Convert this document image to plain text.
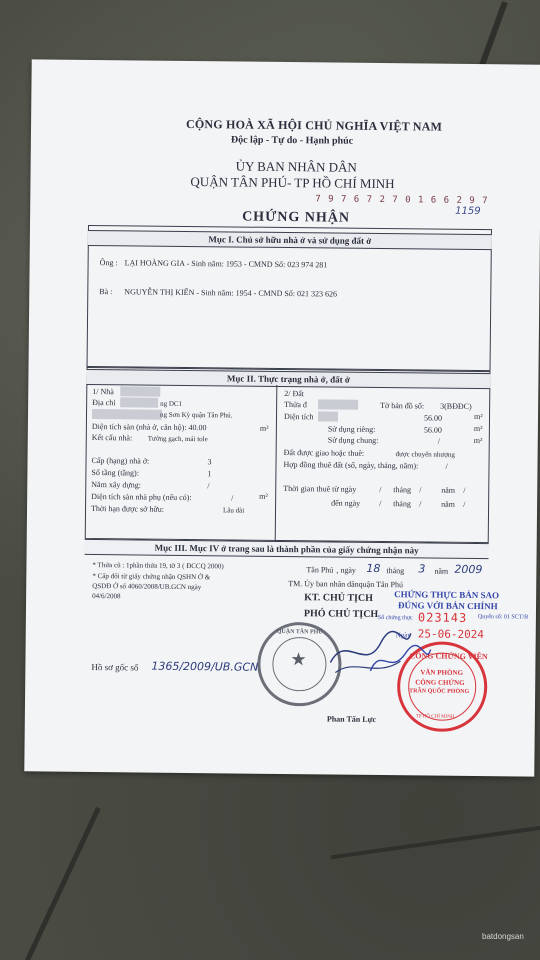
CỘNG HOÀ XÃ HỘI CHỦ NGHĨA VIỆT NAM
Độc lập - Tự do - Hạnh phúc
ỦY BAN NHÂN DÂN
QUẬN TÂN PHÚ- TP HỒ CHÍ MINH
7 9 7 6 7 2 7 0 1 6 6 2 9 7
1159
CHỨNG NHẬN
Mục I. Chủ sở hữu nhà ở và sử dụng đất ở
Ông : LẠI HOÀNG GIA - Sinh năm: 1953 - CMND Số: 023 974 281
Bà : NGUYỄN THỊ KIẾN - Sinh năm: 1954 - CMND Số: 021 323 626
Mục II. Thực trạng nhà ở, đất ở
1/ Nhà
Địa chỉ	ng DC1
ng Sơn Kỳ quận Tân Phú.
Diện tích sàn (nhà ở, căn hộ): 40.00	m²
Kết cấu nhà: Tường gạch, mái tole
Cấp (hạng) nhà ở:	3
Số tầng (tầng):	1
Năm xây dựng:	/
Diện tích sàn nhà phụ (nếu có):	/	m²
Thời hạn được sở hữu:	Lâu dài
2/ Đất
Thửa đ	Tờ bản đồ số: 3(BĐĐC)
Diện tích	56.00	m²
Sử dụng riêng:	56.00	m²
Sử dụng chung:	/	m²
Đất được giao hoặc thuê:	được chuyển nhượng
Hợp đồng thuê đất (số, ngày, tháng, năm):	/
Thời gian thuê từ ngày	/ tháng / năm /
đến ngày / tháng / năm /
Mục III. Mục IV ở trang sau là thành phần của giấy chứng nhận này
* Thửa cũ : 1phần thửa 19, tờ 3 ( ĐCCQ 2000)
* Cấp đổi từ giấy chứng nhận QSHN Ở &
QSDĐ Ở số 4060/2008/UB.GCN ngày
04/6/2008
Tân Phú , ngày 18 tháng 3 năm 2009
TM. Ủy ban nhân dânquận Tân Phú
KT. CHỦ TỊCH
PHÓ CHỦ TỊCH
CHỨNG THỰC BẢN SAO
ĐÚNG VỚI BẢN CHÍNH
Số chứng thực 023143 Quyển số: 01 SCT/B
Ngày 25-06-2024
CÔNG CHỨNG VIÊN
VĂN PHÒNG
CÔNG CHỨNG
TRẦN QUỐC PHÒNG
TP HỒ CHÍ MINH
★
QUẬN TÂN PHÚ
Phan Tấn Lực
Hồ sơ gốc số 1365/2009/UB.GCN
batdongsan
